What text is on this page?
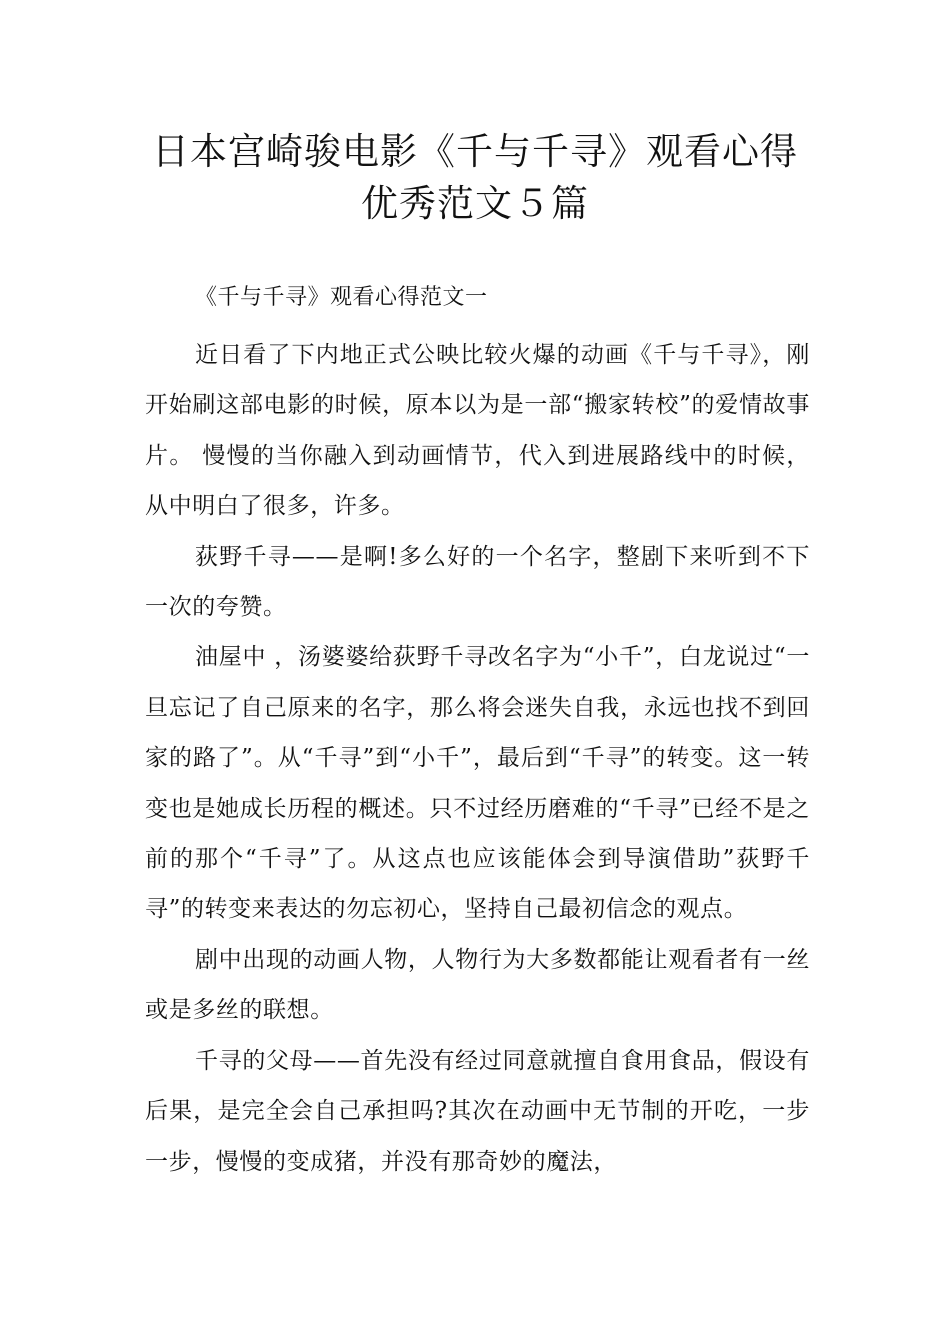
日本宫崎骏电影《千与千寻》观看心得
优秀范文５篇
《千与千寻》观看心得范文一

近日看了下内地正式公映比较火爆的动画《千与千寻》，刚开始刷这部电影的时候，原本以为是一部“搬家转校”的爱情故事片。 慢慢的当你融入到动画情节，代入到进展路线中的时候，从中明白了很多，许多。

荻野千寻——是啊!多么好的一个名字，整剧下来听到不下一次的夸赞。

油屋中 ，汤婆婆给荻野千寻改名字为“小千”，白龙说过“一旦忘记了自己原来的名字，那么将会迷失自我，永远也找不到回家的路了”。从“千寻”到“小千”，最后到“千寻”的转变。这一转变也是她成长历程的概述。只不过经历磨难的“千寻”已经不是之前的那个“千寻”了。从这点也应该能体会到导演借助”荻野千寻”的转变来表达的勿忘初心，坚持自己最初信念的观点。

剧中出现的动画人物，人物行为大多数都能让观看者有一丝或是多丝的联想。

千寻的父母——首先没有经过同意就擅自食用食品，假设有后果，是完全会自己承担吗?其次在动画中无节制的开吃，一步一步，慢慢的变成猪，并没有那奇妙的魔法，
